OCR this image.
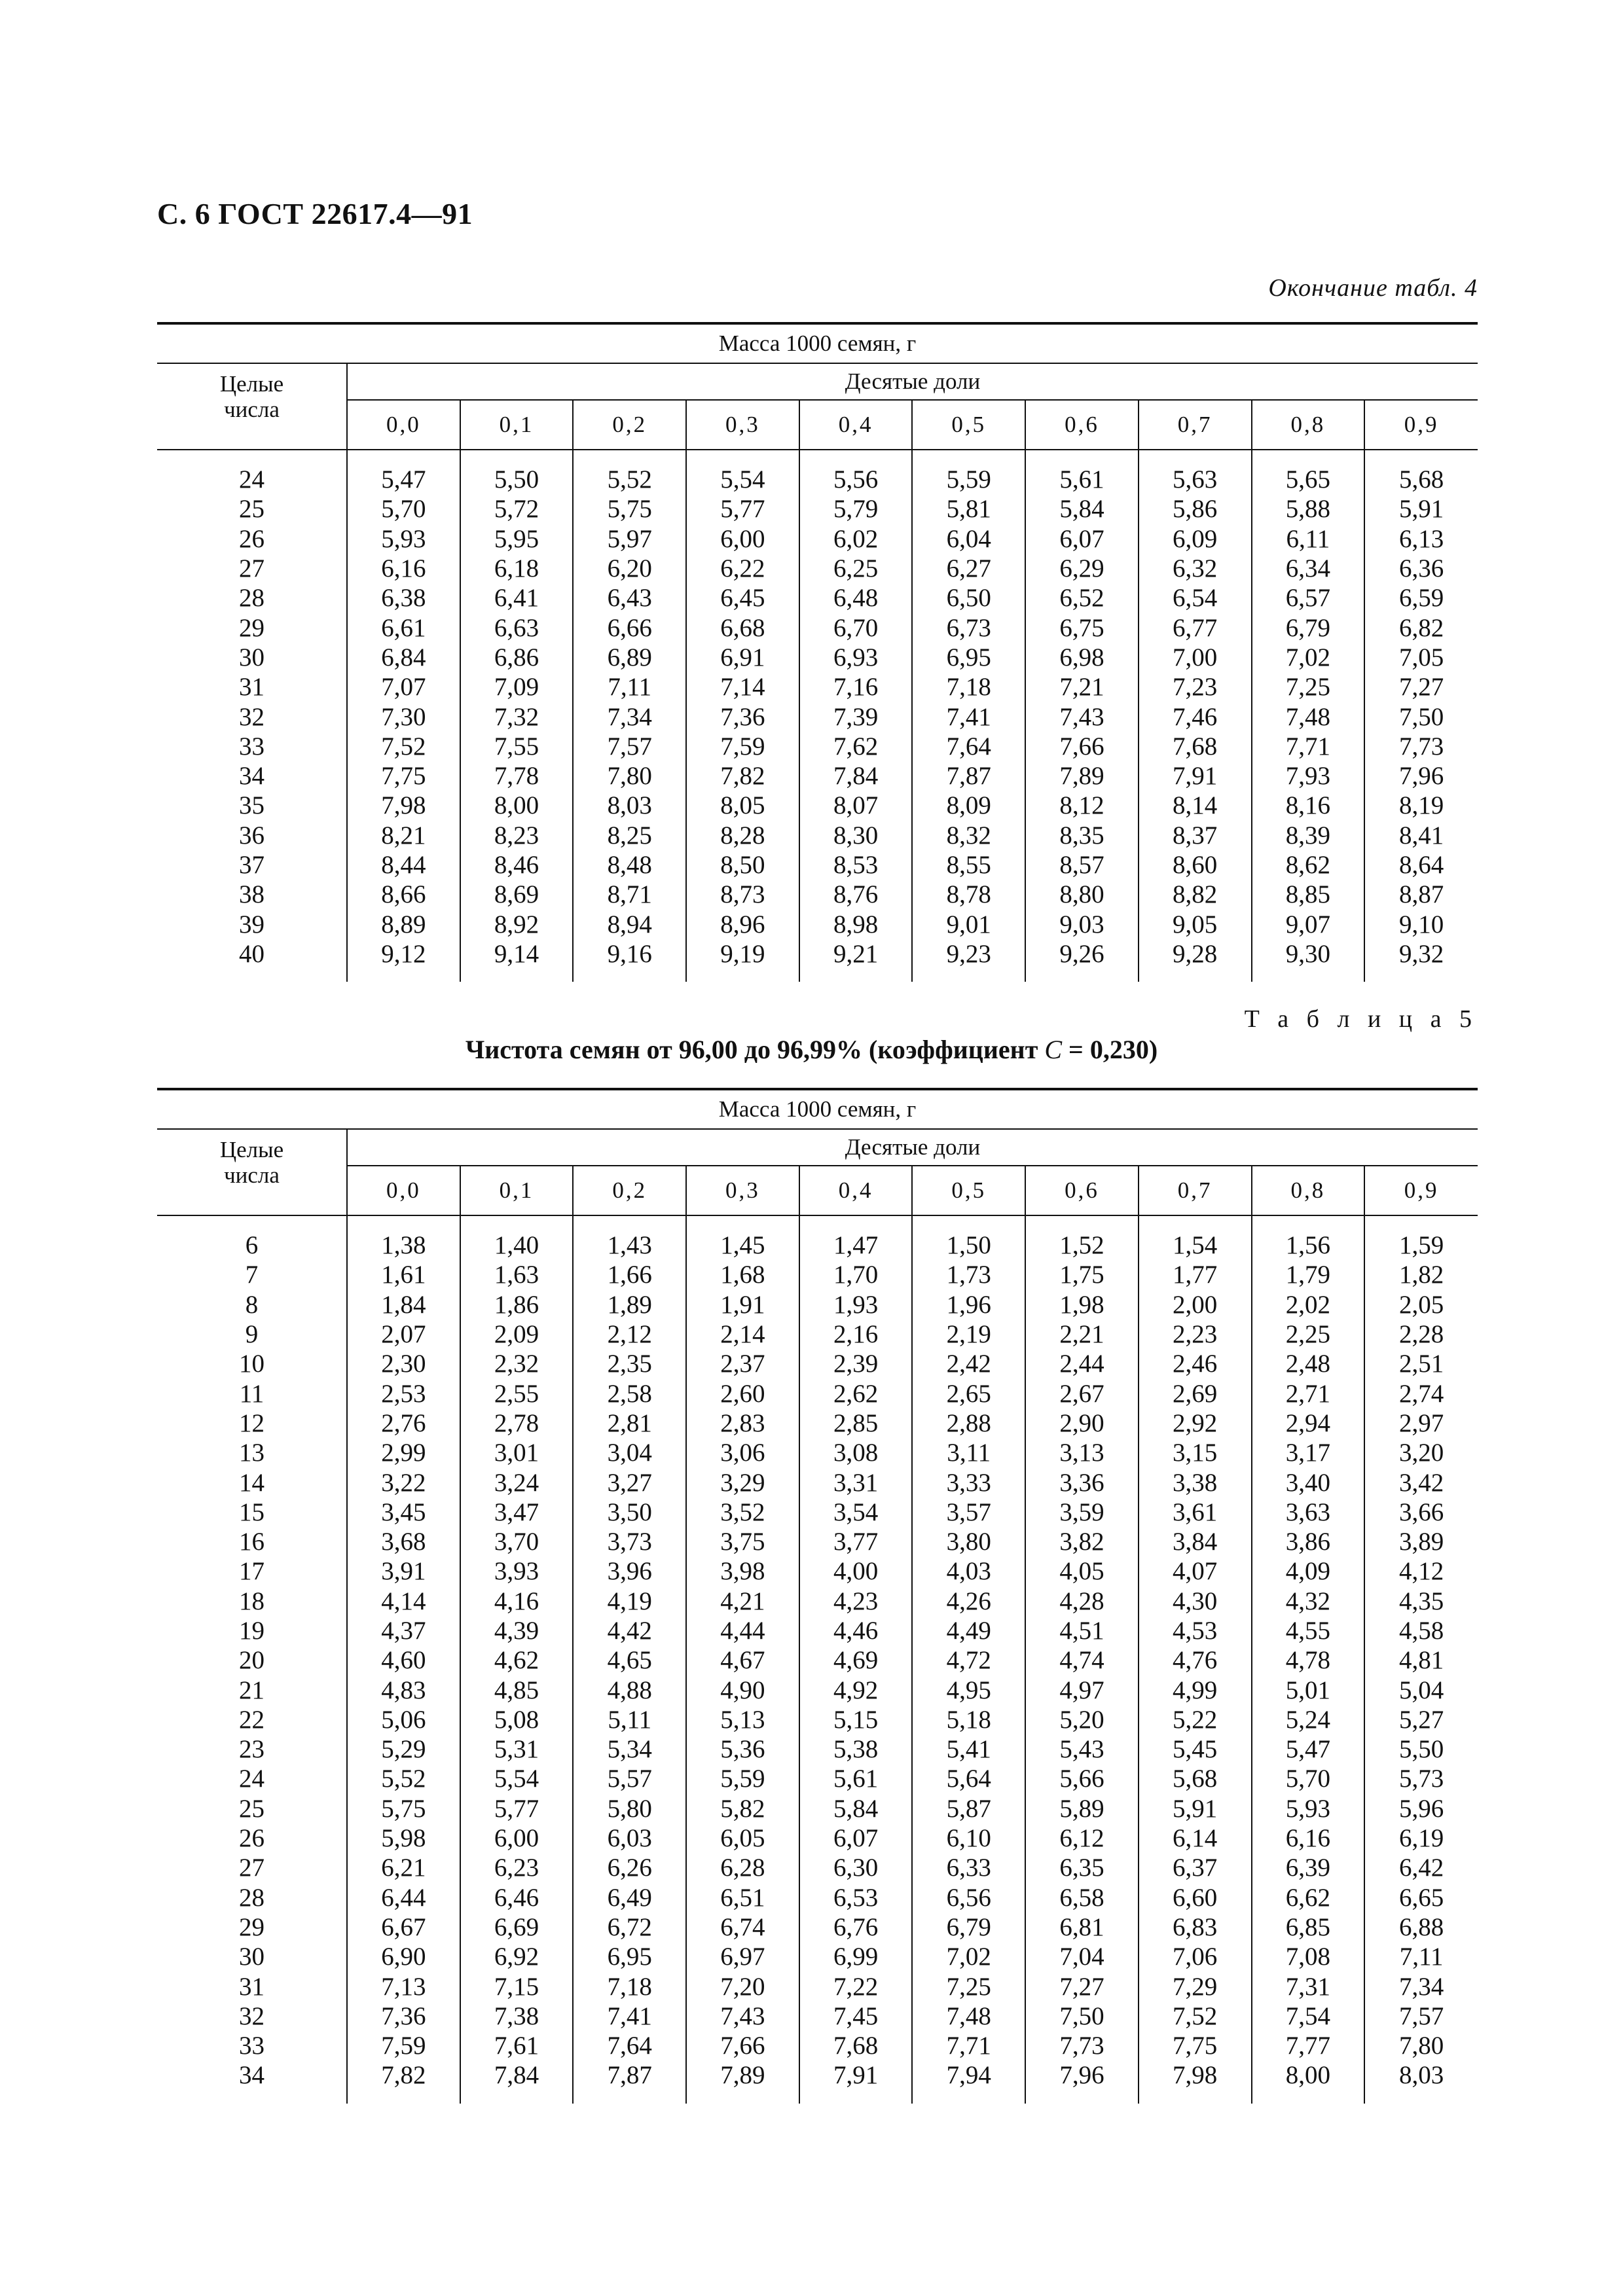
С. 6 ГОСТ 22617.4—91
Окончание табл. 4
Масса 1000 семян, г										
Целые
числа	Десятые доли									
	0,0	0,1	0,2	0,3	0,4	0,5	0,6	0,7	0,8	0,9

24	5,47	5,50	5,52	5,54	5,56	5,59	5,61	5,63	5,65	5,68
25	5,70	5,72	5,75	5,77	5,79	5,81	5,84	5,86	5,88	5,91
26	5,93	5,95	5,97	6,00	6,02	6,04	6,07	6,09	6,11	6,13
27	6,16	6,18	6,20	6,22	6,25	6,27	6,29	6,32	6,34	6,36
28	6,38	6,41	6,43	6,45	6,48	6,50	6,52	6,54	6,57	6,59
29	6,61	6,63	6,66	6,68	6,70	6,73	6,75	6,77	6,79	6,82
30	6,84	6,86	6,89	6,91	6,93	6,95	6,98	7,00	7,02	7,05
31	7,07	7,09	7,11	7,14	7,16	7,18	7,21	7,23	7,25	7,27
32	7,30	7,32	7,34	7,36	7,39	7,41	7,43	7,46	7,48	7,50
33	7,52	7,55	7,57	7,59	7,62	7,64	7,66	7,68	7,71	7,73
34	7,75	7,78	7,80	7,82	7,84	7,87	7,89	7,91	7,93	7,96
35	7,98	8,00	8,03	8,05	8,07	8,09	8,12	8,14	8,16	8,19
36	8,21	8,23	8,25	8,28	8,30	8,32	8,35	8,37	8,39	8,41
37	8,44	8,46	8,48	8,50	8,53	8,55	8,57	8,60	8,62	8,64
38	8,66	8,69	8,71	8,73	8,76	8,78	8,80	8,82	8,85	8,87
39	8,89	8,92	8,94	8,96	8,98	9,01	9,03	9,05	9,07	9,10
40	9,12	9,14	9,16	9,19	9,21	9,23	9,26	9,28	9,30	9,32

Т а б л и ц а 5
Чистота семян от 96,00 до 96,99% (коэффициент C = 0,230)
Масса 1000 семян, г										
Целые
числа	Десятые доли									
	0,0	0,1	0,2	0,3	0,4	0,5	0,6	0,7	0,8	0,9

6	1,38	1,40	1,43	1,45	1,47	1,50	1,52	1,54	1,56	1,59
7	1,61	1,63	1,66	1,68	1,70	1,73	1,75	1,77	1,79	1,82
8	1,84	1,86	1,89	1,91	1,93	1,96	1,98	2,00	2,02	2,05
9	2,07	2,09	2,12	2,14	2,16	2,19	2,21	2,23	2,25	2,28
10	2,30	2,32	2,35	2,37	2,39	2,42	2,44	2,46	2,48	2,51
11	2,53	2,55	2,58	2,60	2,62	2,65	2,67	2,69	2,71	2,74
12	2,76	2,78	2,81	2,83	2,85	2,88	2,90	2,92	2,94	2,97
13	2,99	3,01	3,04	3,06	3,08	3,11	3,13	3,15	3,17	3,20
14	3,22	3,24	3,27	3,29	3,31	3,33	3,36	3,38	3,40	3,42
15	3,45	3,47	3,50	3,52	3,54	3,57	3,59	3,61	3,63	3,66
16	3,68	3,70	3,73	3,75	3,77	3,80	3,82	3,84	3,86	3,89
17	3,91	3,93	3,96	3,98	4,00	4,03	4,05	4,07	4,09	4,12
18	4,14	4,16	4,19	4,21	4,23	4,26	4,28	4,30	4,32	4,35
19	4,37	4,39	4,42	4,44	4,46	4,49	4,51	4,53	4,55	4,58
20	4,60	4,62	4,65	4,67	4,69	4,72	4,74	4,76	4,78	4,81
21	4,83	4,85	4,88	4,90	4,92	4,95	4,97	4,99	5,01	5,04
22	5,06	5,08	5,11	5,13	5,15	5,18	5,20	5,22	5,24	5,27
23	5,29	5,31	5,34	5,36	5,38	5,41	5,43	5,45	5,47	5,50
24	5,52	5,54	5,57	5,59	5,61	5,64	5,66	5,68	5,70	5,73
25	5,75	5,77	5,80	5,82	5,84	5,87	5,89	5,91	5,93	5,96
26	5,98	6,00	6,03	6,05	6,07	6,10	6,12	6,14	6,16	6,19
27	6,21	6,23	6,26	6,28	6,30	6,33	6,35	6,37	6,39	6,42
28	6,44	6,46	6,49	6,51	6,53	6,56	6,58	6,60	6,62	6,65
29	6,67	6,69	6,72	6,74	6,76	6,79	6,81	6,83	6,85	6,88
30	6,90	6,92	6,95	6,97	6,99	7,02	7,04	7,06	7,08	7,11
31	7,13	7,15	7,18	7,20	7,22	7,25	7,27	7,29	7,31	7,34
32	7,36	7,38	7,41	7,43	7,45	7,48	7,50	7,52	7,54	7,57
33	7,59	7,61	7,64	7,66	7,68	7,71	7,73	7,75	7,77	7,80
34	7,82	7,84	7,87	7,89	7,91	7,94	7,96	7,98	8,00	8,03
